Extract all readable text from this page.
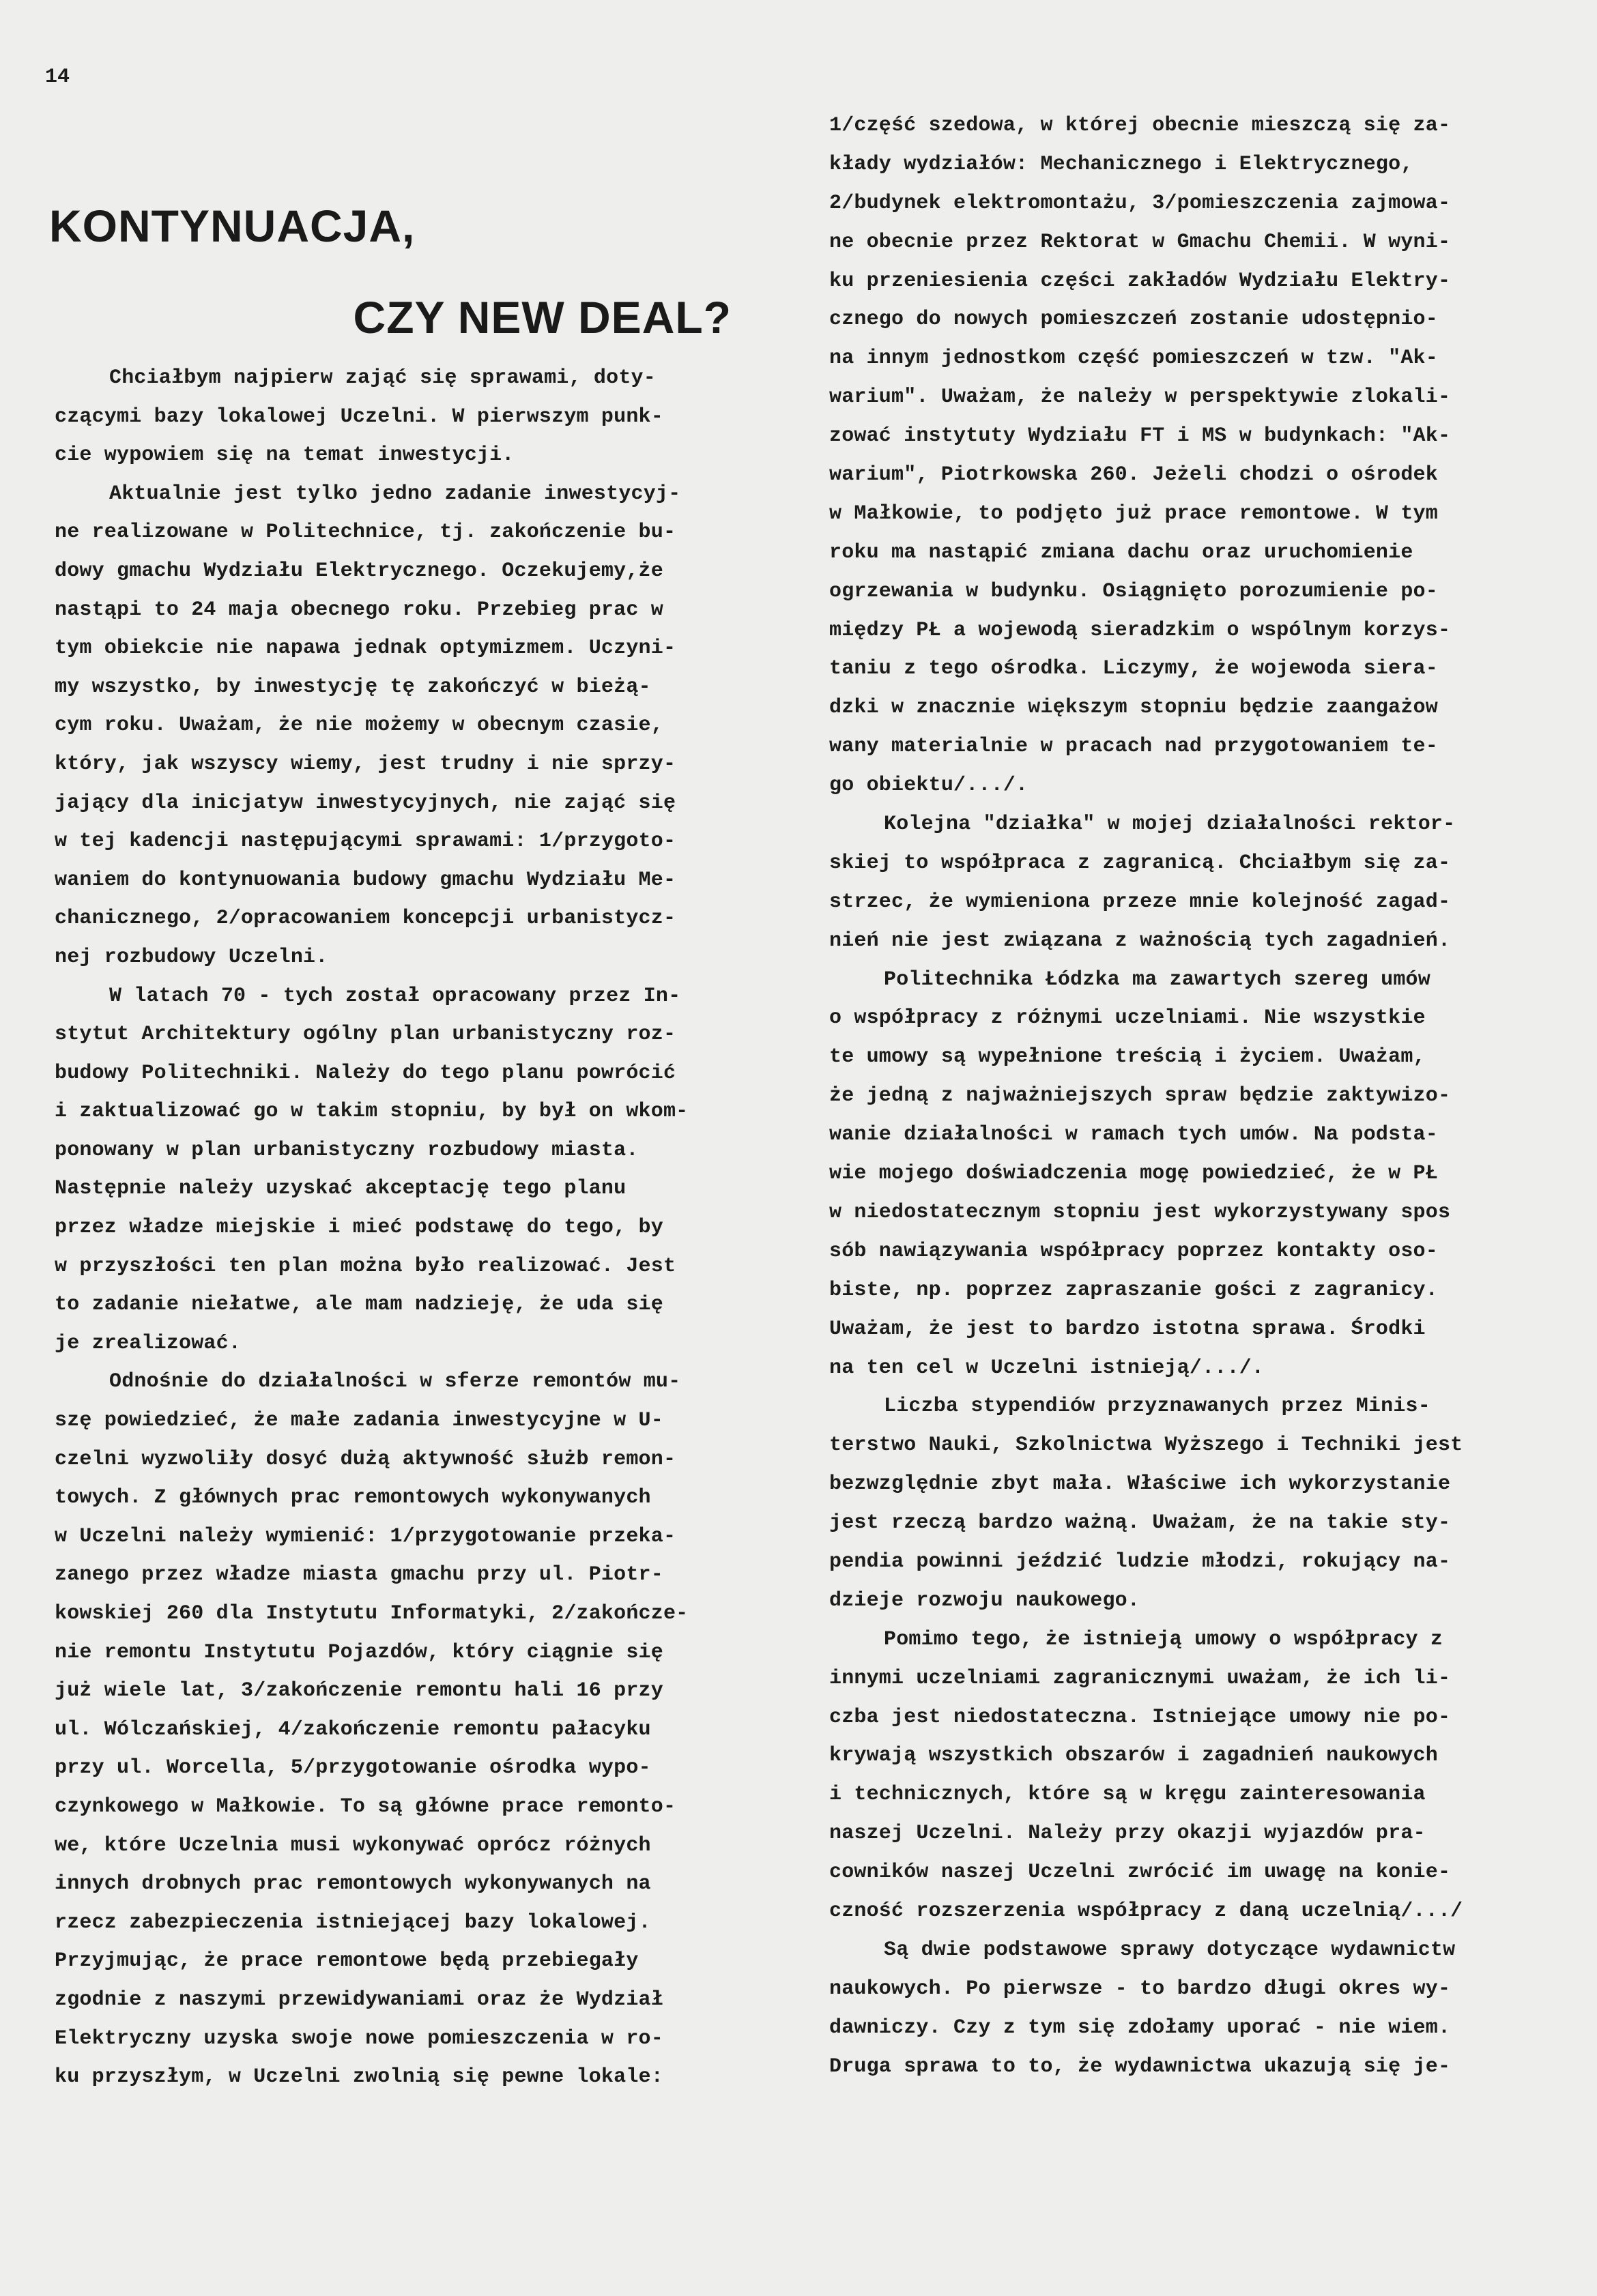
14
KONTYNUACJA,
CZY NEW DEAL?
Chciałbym najpierw zająć się sprawami, doty-
czącymi bazy lokalowej Uczelni. W pierwszym punk-
cie wypowiem się na temat inwestycji.
Aktualnie jest tylko jedno zadanie inwestycyj-
ne realizowane w Politechnice, tj. zakończenie bu-
dowy gmachu Wydziału Elektrycznego. Oczekujemy,że
nastąpi to 24 maja obecnego roku. Przebieg prac w
tym obiekcie nie napawa jednak optymizmem. Uczyni-
my wszystko, by inwestycję tę zakończyć w bieżą-
cym roku. Uważam, że nie możemy w obecnym czasie,
który, jak wszyscy wiemy, jest trudny i nie sprzy-
jający dla inicjatyw inwestycyjnych, nie zająć się
w tej kadencji następującymi sprawami: 1/przygoto-
waniem do kontynuowania budowy gmachu Wydziału Me-
chanicznego, 2/opracowaniem koncepcji urbanistycz-
nej rozbudowy Uczelni.
W latach 70 - tych został opracowany przez In-
stytut Architektury ogólny plan urbanistyczny roz-
budowy Politechniki. Należy do tego planu powrócić
i zaktualizować go w takim stopniu, by był on wkom-
ponowany w plan urbanistyczny rozbudowy miasta.
Następnie należy uzyskać akceptację tego planu
przez władze miejskie i mieć podstawę do tego, by
w przyszłości ten plan można było realizować. Jest
to zadanie niełatwe, ale mam nadzieję, że uda się
je zrealizować.
Odnośnie do działalności w sferze remontów mu-
szę powiedzieć, że małe zadania inwestycyjne w U-
czelni wyzwoliły dosyć dużą aktywność służb remon-
towych. Z głównych prac remontowych wykonywanych
w Uczelni należy wymienić: 1/przygotowanie przeka-
zanego przez władze miasta gmachu przy ul. Piotr-
kowskiej 260 dla Instytutu Informatyki, 2/zakończe-
nie remontu Instytutu Pojazdów, który ciągnie się
już wiele lat, 3/zakończenie remontu hali 16 przy
ul. Wólczańskiej, 4/zakończenie remontu pałacyku
przy ul. Worcella, 5/przygotowanie ośrodka wypo-
czynkowego w Małkowie. To są główne prace remonto-
we, które Uczelnia musi wykonywać oprócz różnych
innych drobnych prac remontowych wykonywanych na
rzecz zabezpieczenia istniejącej bazy lokalowej.
Przyjmując, że prace remontowe będą przebiegały
zgodnie z naszymi przewidywaniami oraz że Wydział
Elektryczny uzyska swoje nowe pomieszczenia w ro-
ku przyszłym, w Uczelni zwolnią się pewne lokale:
1/część szedowa, w której obecnie mieszczą się za-
kłady wydziałów: Mechanicznego i Elektrycznego,
2/budynek elektromontażu, 3/pomieszczenia zajmowa-
ne obecnie przez Rektorat w Gmachu Chemii. W wyni-
ku przeniesienia części zakładów Wydziału Elektry-
cznego do nowych pomieszczeń zostanie udostępnio-
na innym jednostkom część pomieszczeń w tzw. "Ak-
warium". Uważam, że należy w perspektywie zlokali-
zować instytuty Wydziału FT i MS w budynkach: "Ak-
warium", Piotrkowska 260. Jeżeli chodzi o ośrodek
w Małkowie, to podjęto już prace remontowe. W tym
roku ma nastąpić zmiana dachu oraz uruchomienie
ogrzewania w budynku. Osiągnięto porozumienie po-
między PŁ a wojewodą sieradzkim o wspólnym korzys-
taniu z tego ośrodka. Liczymy, że wojewoda siera-
dzki w znacznie większym stopniu będzie zaangażow
wany materialnie w pracach nad przygotowaniem te-
go obiektu/.../.
Kolejna "działka" w mojej działalności rektor-
skiej to współpraca z zagranicą. Chciałbym się za-
strzec, że wymieniona przeze mnie kolejność zagad-
nień nie jest związana z ważnością tych zagadnień.
Politechnika Łódzka ma zawartych szereg umów
o współpracy z różnymi uczelniami. Nie wszystkie
te umowy są wypełnione treścią i życiem. Uważam,
że jedną z najważniejszych spraw będzie zaktywizo-
wanie działalności w ramach tych umów. Na podsta-
wie mojego doświadczenia mogę powiedzieć, że w PŁ
w niedostatecznym stopniu jest wykorzystywany spos
sób nawiązywania współpracy poprzez kontakty oso-
biste, np. poprzez zapraszanie gości z zagranicy.
Uważam, że jest to bardzo istotna sprawa. Środki
na ten cel w Uczelni istnieją/.../.
Liczba stypendiów przyznawanych przez Minis-
terstwo Nauki, Szkolnictwa Wyższego i Techniki jest
bezwzględnie zbyt mała. Właściwe ich wykorzystanie
jest rzeczą bardzo ważną. Uważam, że na takie sty-
pendia powinni jeździć ludzie młodzi, rokujący na-
dzieje rozwoju naukowego.
Pomimo tego, że istnieją umowy o współpracy z
innymi uczelniami zagranicznymi uważam, że ich li-
czba jest niedostateczna. Istniejące umowy nie po-
krywają wszystkich obszarów i zagadnień naukowych
i technicznych, które są w kręgu zainteresowania
naszej Uczelni. Należy przy okazji wyjazdów pra-
cowników naszej Uczelni zwrócić im uwagę na konie-
czność rozszerzenia współpracy z daną uczelnią/.../
Są dwie podstawowe sprawy dotyczące wydawnictw
naukowych. Po pierwsze - to bardzo długi okres wy-
dawniczy. Czy z tym się zdołamy uporać - nie wiem.
Druga sprawa to to, że wydawnictwa ukazują się je-
